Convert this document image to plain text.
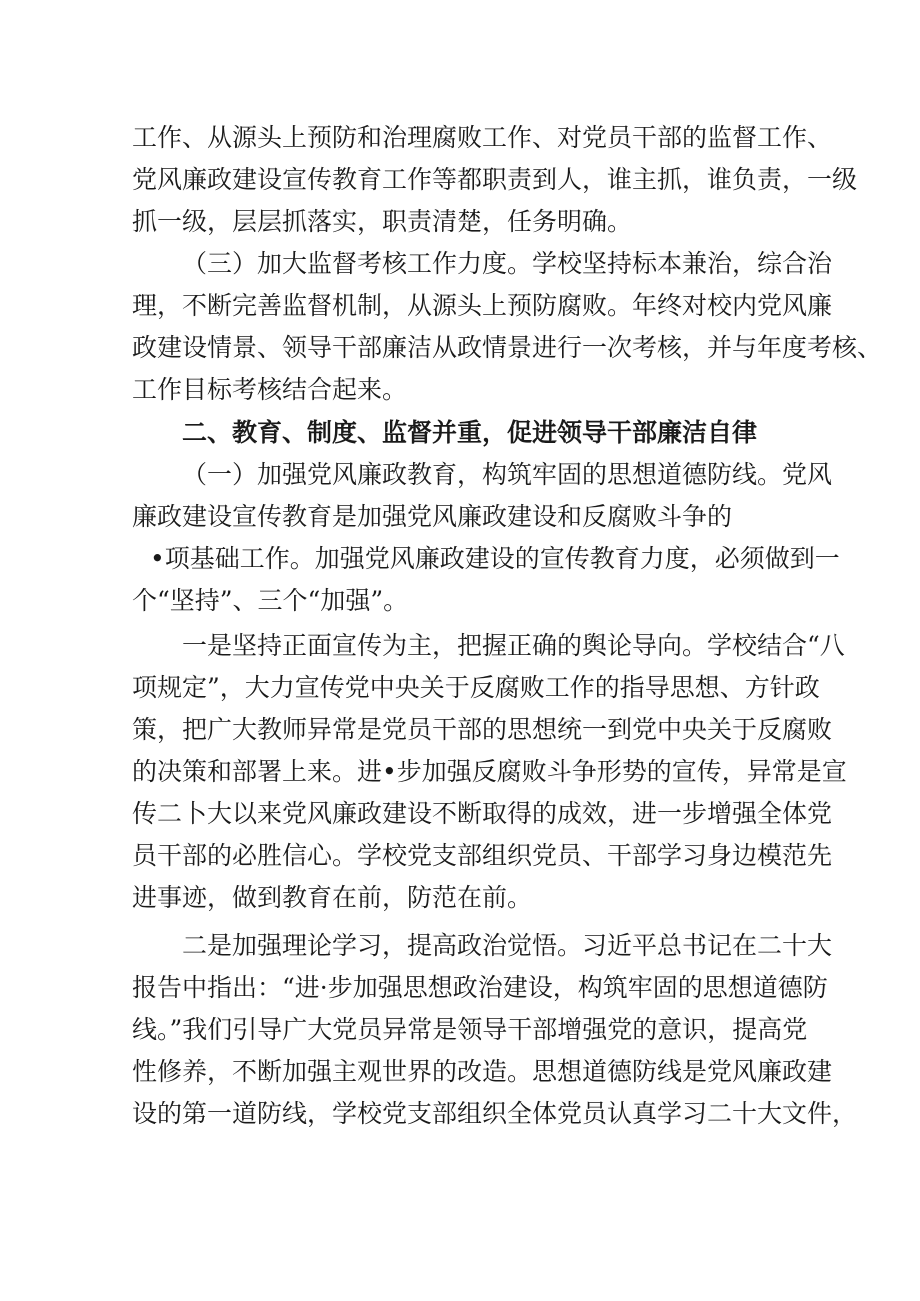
工作、从源头上预防和治理腐败工作、对党员干部的监督工作、
党风廉政建设宣传教育工作等都职责到人，谁主抓，谁负责，一级
抓一级，层层抓落实，职责清楚，任务明确。
（三）加大监督考核工作力度。学校坚持标本兼治，综合治
理，不断完善监督机制，从源头上预防腐败。年终对校内党风廉
政建设情景、领导干部廉洁从政情景进行一次考核，并与年度考核、
工作目标考核结合起来。
二、教育、制度、监督并重，促进领导干部廉洁自律
（一）加强党风廉政教育，构筑牢固的思想道德防线。党风
廉政建设宣传教育是加强党风廉政建设和反腐败斗争的
•项基础工作。加强党风廉政建设的宣传教育力度，必须做到一
个“坚持”、三个“加强”。
一是坚持正面宣传为主，把握正确的舆论导向。学校结合“八
项规定”，大力宣传党中央关于反腐败工作的指导思想、方针政
策，把广大教师异常是党员干部的思想统一到党中央关于反腐败
的决策和部署上来。进•步加强反腐败斗争形势的宣传，异常是宣
传二卜大以来党风廉政建设不断取得的成效，进一步增强全体党
员干部的必胜信心。学校党支部组织党员、干部学习身边模范先
进事迹，做到教育在前，防范在前。
二是加强理论学习，提高政治觉悟。习近平总书记在二十大
报告中指出：“进·步加强思想政治建设，构筑牢固的思想道德防
线。”我们引导广大党员异常是领导干部增强党的意识，提高党
性修养，不断加强主观世界的改造。思想道德防线是党风廉政建
设的第一道防线，学校党支部组织全体党员认真学习二十大文件，
